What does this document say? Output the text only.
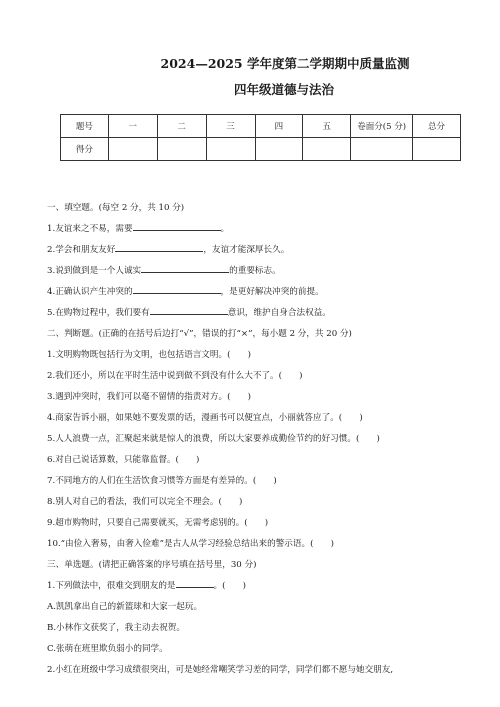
2024—2025 学年度第二学期期中质量监测
四年级道德与法治
题号	一	二	三	四	五	卷面分(5 分)	总分
得分							
一、填空题。(每空 2 分，共 10 分)
1.友谊来之不易，需要	。
2.学会和朋友友好	，友谊才能深厚长久。
3.说到做到是一个人诚实	的重要标志。
4.正确认识产生冲突的	，是更好解决冲突的前提。
5.在购物过程中，我们要有	意识，维护自身合法权益。
二、判断题。(正确的在括号后边打“√”，错误的打“×”，每小题 2 分，共 20 分)
1.文明购物既包括行为文明，也包括语言文明。(　　)
2.我们还小，所以在平时生活中说到做不到没有什么大不了。(　　)
3.遇到冲突时，我们可以毫不留情的指责对方。(　　)
4.商家告诉小丽，如果她不要发票的话，漫画书可以便宜点，小丽就答应了。(　　)
5.人人浪费一点，汇聚起来就是惊人的浪费，所以大家要养成勤俭节约的好习惯。(　　)
6.对自己说话算数，只能靠监督。(　　)
7.不同地方的人们在生活饮食习惯等方面是有差异的。(　　)
8.别人对自己的看法，我们可以完全不理会。(　　)
9.超市购物时，只要自己需要就买，无需考虑别的。(　　)
10.“由俭入奢易，由奢入俭难”是古人从学习经验总结出来的警示语。(　　)
三、单选题。(请把正确答案的序号填在括号里，30 分)
1.下列做法中，很难交到朋友的是	。(　　)
A.凯凯拿出自己的新篮球和大家一起玩。
B.小林作文获奖了，我主动去祝贺。
C.张萌在班里欺负弱小的同学。
2.小红在班级中学习成绩很突出，可是她经常嘲笑学习差的同学，同学们都不愿与她交朋友,
